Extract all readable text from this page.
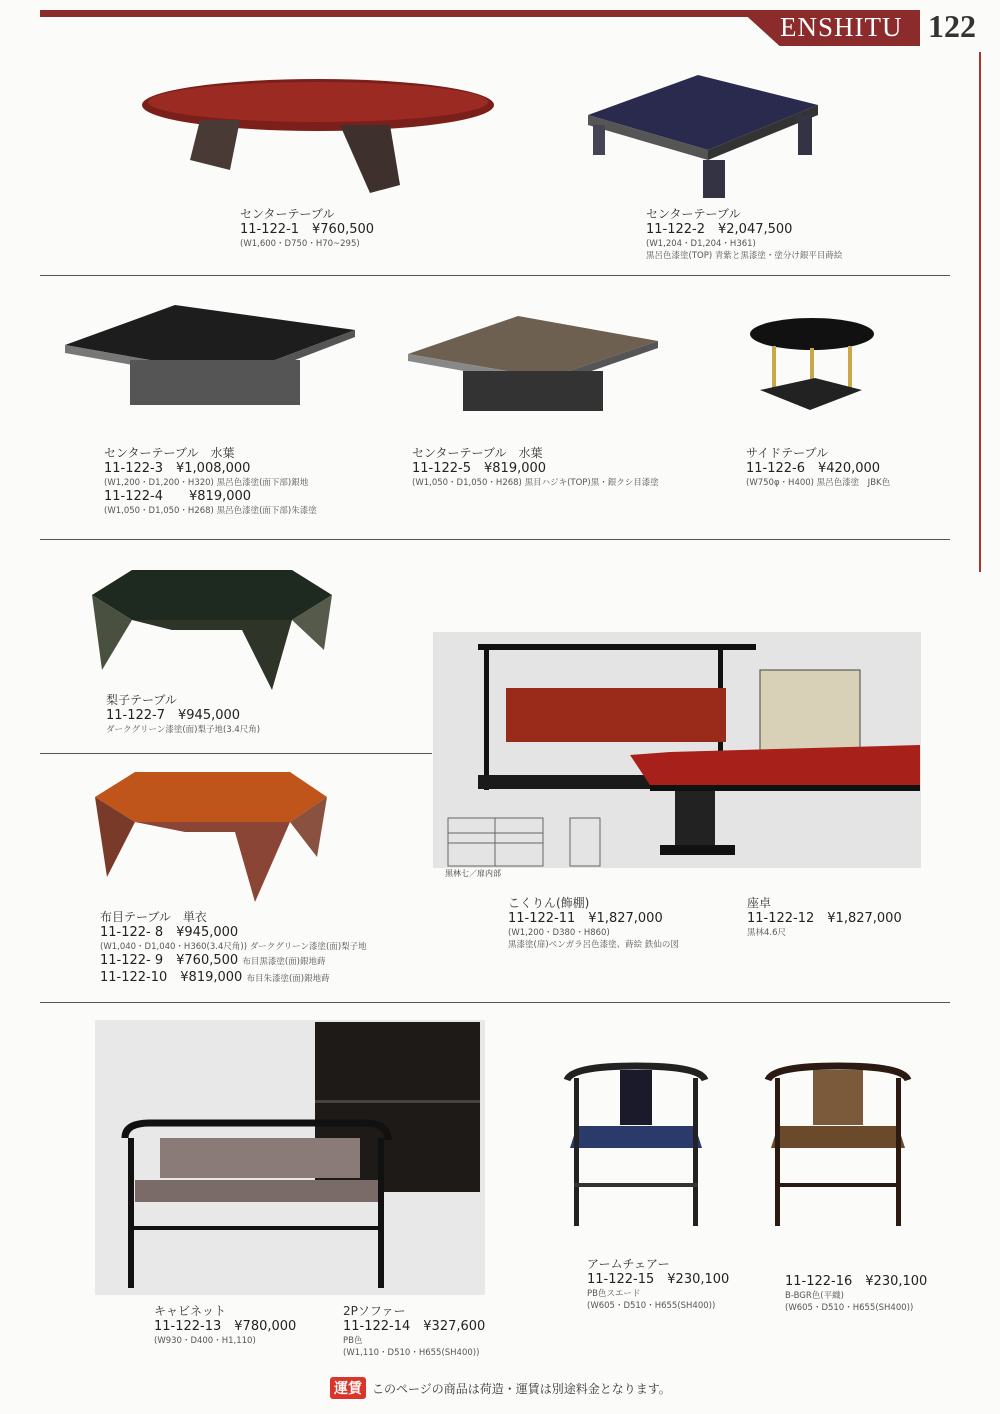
ENSHITU 122
黒林七／扉内部
センターテーブル
11-122-1　¥760,500
(W1,600・D750・H70~295)
センターテーブル
11-122-2　¥2,047,500
(W1,204・D1,204・H361)
黒呂色漆塗(TOP) 青紫と黒漆塗・塗分け銀平目蒔絵
センターテーブル　水葉
11-122-3　¥1,008,000
(W1,200・D1,200・H320) 黒呂色漆塗(面下部)銀地
11-122-4　　¥819,000
(W1,050・D1,050・H268) 黒呂色漆塗(面下部)朱漆塗
センターテーブル　水葉
11-122-5　¥819,000
(W1,050・D1,050・H268) 黒目ハジキ(TOP)黒・銀クシ目漆塗
サイドテーブル
11-122-6　¥420,000
(W750φ・H400) 黒呂色漆塗　JBK色
梨子テーブル
11-122-7　¥945,000
ダークグリーン漆塗(面)梨子地(3.4尺角)
布目テーブル　単衣
11-122- 8　¥945,000
(W1,040・D1,040・H360(3.4尺角)) ダークグリーン漆塗(面)梨子地
11-122- 9　¥760,500 布目黒漆塗(面)銀地蒔
11-122-10　¥819,000 布目朱漆塗(面)銀地蒔
こくりん(飾棚)
11-122-11　¥1,827,000
(W1,200・D380・H860)
黒漆塗(扉)ベンガラ呂色漆塗、蒔絵 鉄仙の図
座卓
11-122-12　¥1,827,000
黒林4.6尺
キャビネット
11-122-13　¥780,000
(W930・D400・H1,110)
2Pソファー
11-122-14　¥327,600
PB色
(W1,110・D510・H655(SH400))
アームチェアー
11-122-15　¥230,100
PB色スエード
(W605・D510・H655(SH400))
11-122-16　¥230,100
B-BGR色(平織)
(W605・D510・H655(SH400))
運賃 このページの商品は荷造・運賃は別途料金となります。
